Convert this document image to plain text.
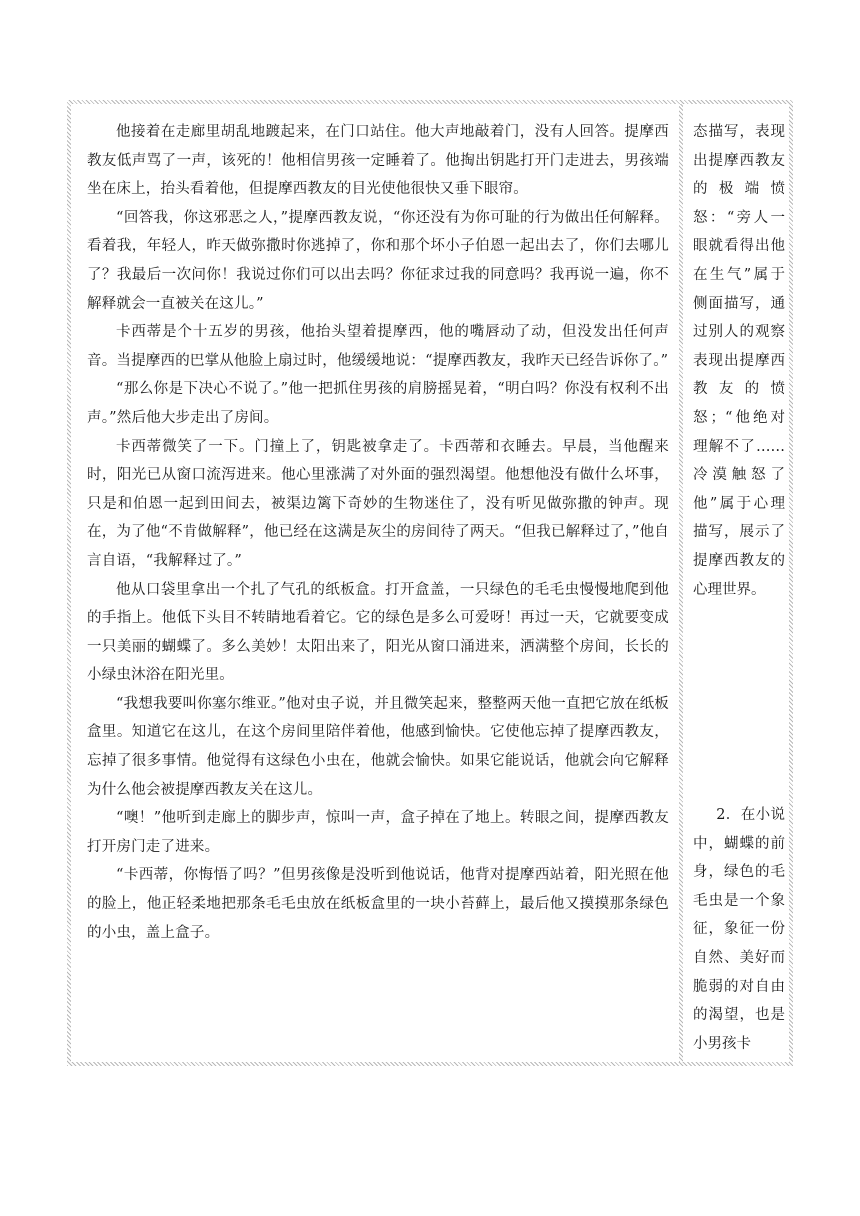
他接着在走廊里胡乱地踱起来，在门口站住。他大声地敲着门，没有人回答。提摩西教友低声骂了一声，该死的！他相信男孩一定睡着了。他掏出钥匙打开门走进去，男孩端坐在床上，抬头看着他，但提摩西教友的目光使他很快又垂下眼帘。

“回答我，你这邪恶之人，”提摩西教友说，“你还没有为你可耻的行为做出任何解释。看着我，年轻人，昨天做弥撒时你逃掉了，你和那个坏小子伯恩一起出去了，你们去哪儿了？我最后一次问你！我说过你们可以出去吗？你征求过我的同意吗？我再说一遍，你不解释就会一直被关在这儿。”

卡西蒂是个十五岁的男孩，他抬头望着提摩西，他的嘴唇动了动，但没发出任何声音。当提摩西的巴掌从他脸上扇过时，他缓缓地说：“提摩西教友，我昨天已经告诉你了。”

“那么你是下决心不说了。”他一把抓住男孩的肩膀摇晃着，“明白吗？你没有权利不出声。”然后他大步走出了房间。

卡西蒂微笑了一下。门撞上了，钥匙被拿走了。卡西蒂和衣睡去。早晨，当他醒来时，阳光已从窗口流泻进来。他心里涨满了对外面的强烈渴望。他想他没有做什么坏事，只是和伯恩一起到田间去，被渠边篱下奇妙的生物迷住了，没有听见做弥撒的钟声。现在，为了他“不肯做解释”，他已经在这满是灰尘的房间待了两天。“但我已解释过了，”他自言自语，“我解释过了。”

他从口袋里拿出一个扎了气孔的纸板盒。打开盒盖，一只绿色的毛毛虫慢慢地爬到他的手指上。他低下头目不转睛地看着它。它的绿色是多么可爱呀！再过一天，它就要变成一只美丽的蝴蝶了。多么美妙！太阳出来了，阳光从窗口涌进来，洒满整个房间，长长的小绿虫沐浴在阳光里。

“我想我要叫你塞尔维亚。”他对虫子说，并且微笑起来，整整两天他一直把它放在纸板盒里。知道它在这儿，在这个房间里陪伴着他，他感到愉快。它使他忘掉了提摩西教友，忘掉了很多事情。他觉得有这绿色小虫在，他就会愉快。如果它能说话，他就会向它解释为什么他会被提摩西教友关在这儿。

“噢！”他听到走廊上的脚步声，惊叫一声，盒子掉在了地上。转眼之间，提摩西教友打开房门走了进来。

“卡西蒂，你悔悟了吗？”但男孩像是没听到他说话，他背对提摩西站着，阳光照在他的脸上，他正轻柔地把那条毛毛虫放在纸板盒里的一块小苔藓上，最后他又摸摸那条绿色的小虫，盖上盒子。

态描写，表现出提摩西教友的极端愤怒：“旁人一眼就看得出他在生气”属于侧面描写，通过别人的观察表现出提摩西教友的愤怒；“他绝对理解不了……冷漠触怒了他”属于心理描写，展示了提摩西教友的心理世界。

2．在小说中，蝴蝶的前身，绿色的毛毛虫是一个象征，象征一份自然、美好而脆弱的对自由的渴望，也是小男孩卡
